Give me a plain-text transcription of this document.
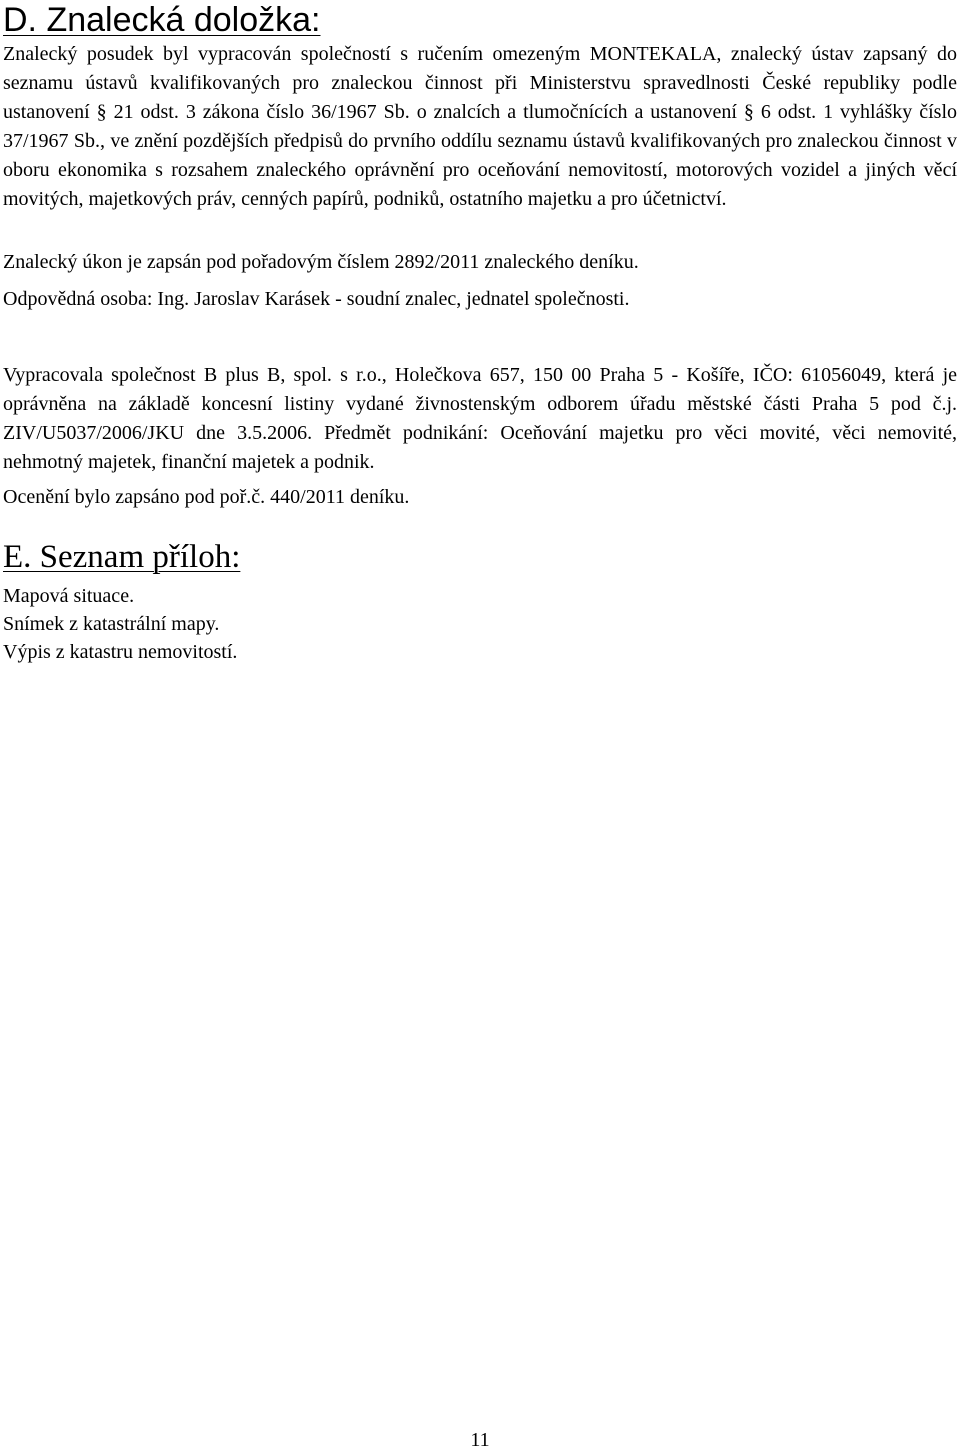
D. Znalecká doložka:

Znalecký posudek byl vypracován společností s ručením omezeným MONTEKALA, znalecký ústav zapsaný do seznamu ústavů kvalifikovaných pro znaleckou činnost při Ministerstvu spravedlnosti České republiky podle ustanovení § 21 odst. 3 zákona číslo 36/1967 Sb. o znalcích a tlumočnících a ustanovení § 6 odst. 1 vyhlášky číslo 37/1967 Sb., ve znění pozdějších předpisů do prvního oddílu seznamu ústavů kvalifikovaných pro znaleckou činnost v oboru ekonomika s rozsahem znaleckého oprávnění pro oceňování nemovitostí, motorových vozidel a jiných věcí movitých, majetkových práv, cenných papírů, podniků, ostatního majetku a pro účetnictví.

Znalecký úkon je zapsán pod pořadovým číslem 2892/2011 znaleckého deníku.

Odpovědná osoba: Ing. Jaroslav Karásek - soudní znalec, jednatel společnosti.

Vypracovala společnost B plus B, spol. s r.o., Holečkova 657, 150 00 Praha 5 - Košíře, IČO: 61056049, která je oprávněna na základě koncesní listiny vydané živnostenským odborem úřadu městské části Praha 5 pod č.j. ZIV/U5037/2006/JKU dne 3.5.2006. Předmět podnikání: Oceňování majetku pro věci movité, věci nemovité, nehmotný majetek, finanční majetek a podnik.

Ocenění bylo zapsáno pod poř.č. 440/2011 deníku.

E. Seznam příloh:
Mapová situace.
Snímek z katastrální mapy.
Výpis z katastru nemovitostí.
11
